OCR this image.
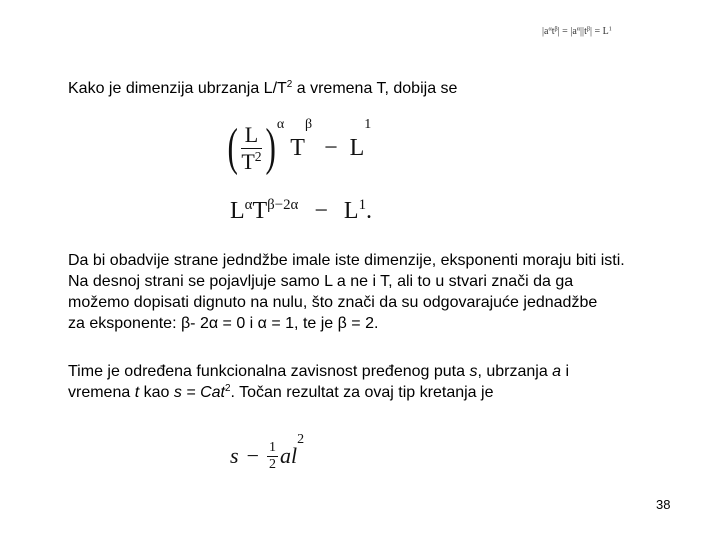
$|a^\alpha t^\beta| = |a^\alpha||t^\beta| = L^1$
Kako je dimenzija ubrzanja $L/T^2$ a vremena T, dobija se
( $\frac{L}{T^2}$ ) α
T
β
− L
1
$L^\alpha T^{\beta-2\alpha} - L^1$.
Da bi obadvije strane jedndžbe imale iste dimenzije, eksponenti moraju biti isti.
Na desnoj strani se pojavljuje samo L a ne i T, ali to u stvari znači da ga
možemo dopisati dignuto na nulu, što znači da su odgovarajuće jednadžbe
za eksponente: β- 2α = 0 i α = 1, te je β = 2.
Time je određena funkcionalna zavisnost pređenog puta s, ubrzanja a i
vremena t kao s = Cat$^2$. Točan rezultat za ovaj tip kretanja je
$s - \frac{1}{2}$ a l
2
38
